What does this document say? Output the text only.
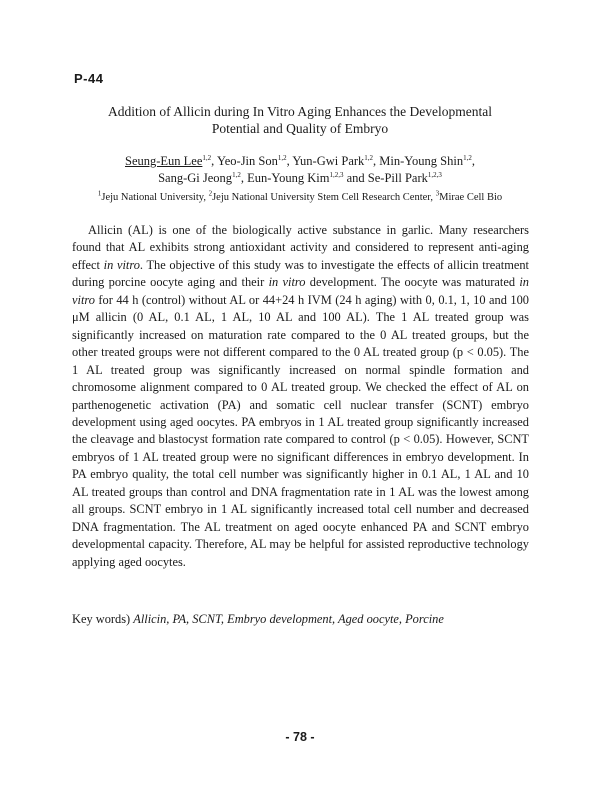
P-44
Addition of Allicin during In Vitro Aging Enhances the Developmental
Potential and Quality of Embryo
Seung-Eun Lee$^{1,2}$, Yeo-Jin Son$^{1,2}$, Yun-Gwi Park$^{1,2}$, Min-Young Shin$^{1,2}$,
Sang-Gi Jeong$^{1,2}$, Eun-Young Kim$^{1,2,3}$ and Se-Pill Park$^{1,2,3}$
$^1$Jeju National University, $^2$Jeju National University Stem Cell Research Center, $^3$Mirae Cell Bio

Allicin (AL) is one of the biologically active substance in garlic. Many researchers found that AL exhibits strong antioxidant activity and considered to represent anti-aging effect in vitro. The objective of this study was to investigate the effects of allicin treatment during porcine oocyte aging and their in vitro development. The oocyte was maturated in vitro for 44 h (control) without AL or 44+24 h IVM (24 h aging) with 0, 0.1, 1, 10 and 100 μM allicin (0 AL, 0.1 AL, 1 AL, 10 AL and 100 AL). The 1 AL treated group was significantly increased on maturation rate compared to the 0 AL treated groups, but the other treated groups were not different compared to the 0 AL treated group (p < 0.05). The 1 AL treated group was significantly increased on normal spindle formation and chromosome alignment compared to 0 AL treated group. We checked the effect of AL on parthenogenetic activation (PA) and somatic cell nuclear transfer (SCNT) embryo development using aged oocytes. PA embryos in 1 AL treated group significantly increased the cleavage and blastocyst formation rate compared to control (p < 0.05). However, SCNT embryos of 1 AL treated group were no significant differences in embryo development. In PA embryo quality, the total cell number was significantly higher in 0.1 AL, 1 AL and 10 AL treated groups than control and DNA fragmentation rate in 1 AL was the lowest among all groups. SCNT embryo in 1 AL significantly increased total cell number and decreased DNA fragmentation. The AL treatment on aged oocyte enhanced PA and SCNT embryo developmental capacity. Therefore, AL may be helpful for assisted reproductive technology applying aged oocytes.

Key words) Allicin, PA, SCNT, Embryo development, Aged oocyte, Porcine
- 78 -
